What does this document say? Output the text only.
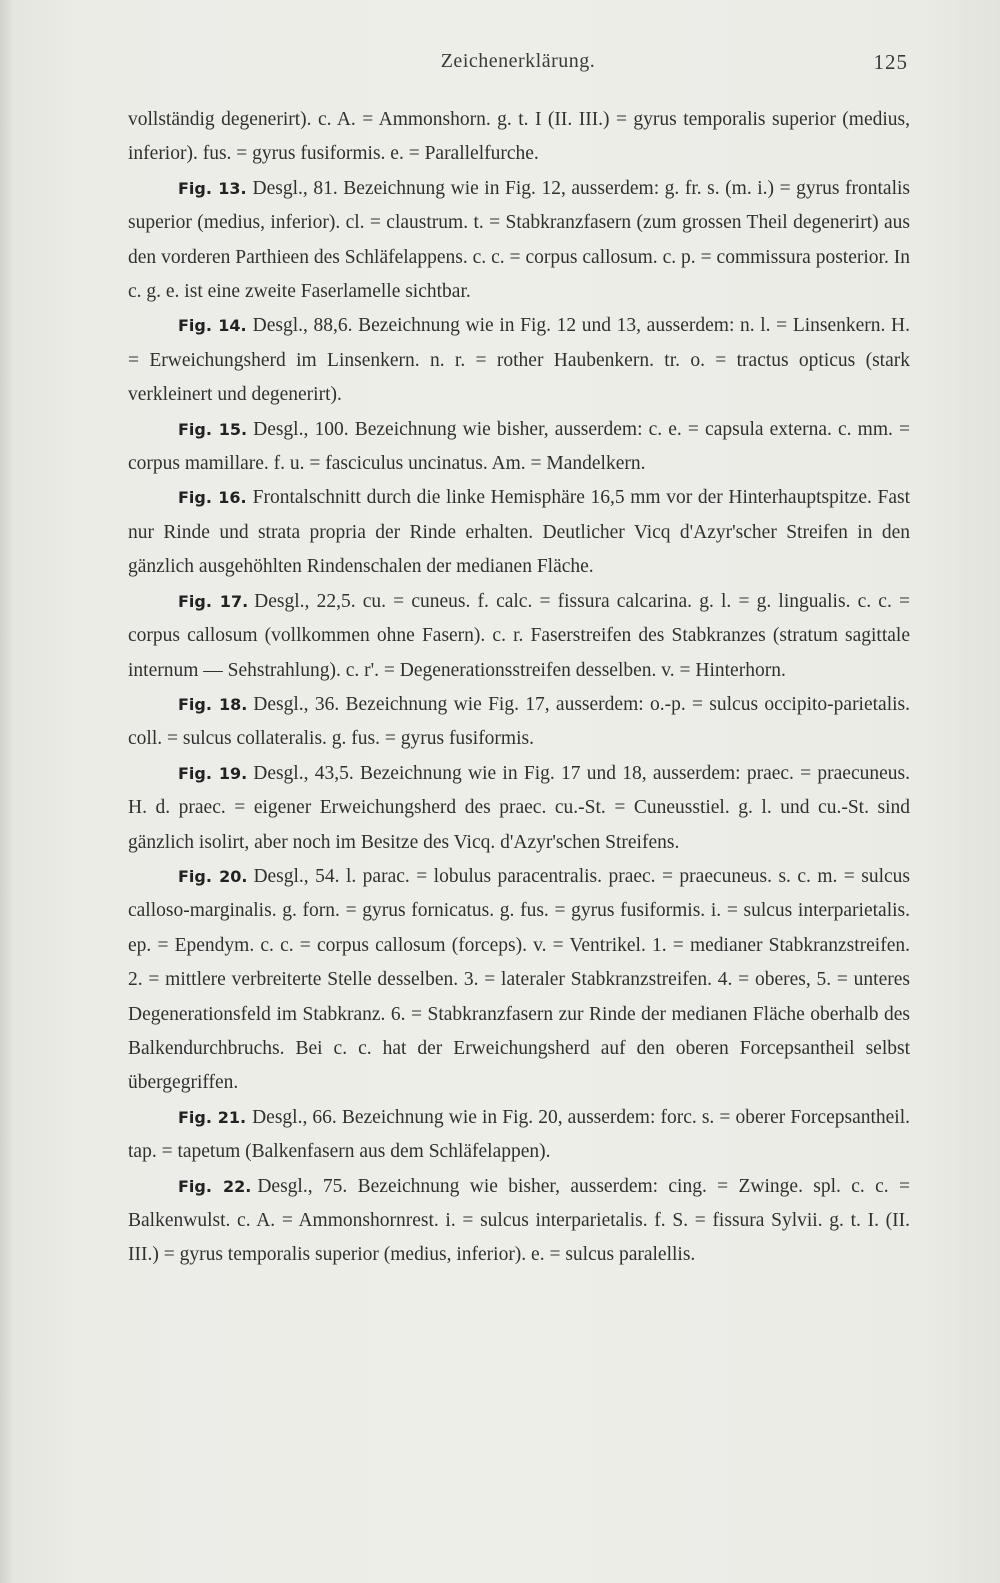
Zeichenerklärung.	125

vollständig degenerirt). c. A. = Ammonshorn. g. t. I (II. III.) = gyrus temporalis superior (medius, inferior). fus. = gyrus fusiformis. e. = Parallelfurche.

Fig. 13. Desgl., 81. Bezeichnung wie in Fig. 12, ausserdem: g. fr. s. (m. i.) = gyrus frontalis superior (medius, inferior). cl. = claustrum. t. = Stabkranzfasern (zum grossen Theil degenerirt) aus den vorderen Parthieen des Schläfelappens. c. c. = corpus callosum. c. p. = commissura posterior. In c. g. e. ist eine zweite Faserlamelle sichtbar.

Fig. 14. Desgl., 88,6. Bezeichnung wie in Fig. 12 und 13, ausserdem: n. l. = Linsenkern. H. = Erweichungsherd im Linsenkern. n. r. = rother Haubenkern. tr. o. = tractus opticus (stark verkleinert und degenerirt).

Fig. 15. Desgl., 100. Bezeichnung wie bisher, ausserdem: c. e. = capsula externa. c. mm. = corpus mamillare. f. u. = fasciculus uncinatus. Am. = Mandelkern.

Fig. 16. Frontalschnitt durch die linke Hemisphäre 16,5 mm vor der Hinterhauptspitze. Fast nur Rinde und strata propria der Rinde erhalten. Deutlicher Vicq d'Azyr'scher Streifen in den gänzlich ausgehöhlten Rindenschalen der medianen Fläche.

Fig. 17. Desgl., 22,5. cu. = cuneus. f. calc. = fissura calcarina. g. l. = g. lingualis. c. c. = corpus callosum (vollkommen ohne Fasern). c. r. Faserstreifen des Stabkranzes (stratum sagittale internum — Sehstrahlung). c. r'. = Degenerationsstreifen desselben. v. = Hinterhorn.

Fig. 18. Desgl., 36. Bezeichnung wie Fig. 17, ausserdem: o.-p. = sulcus occipito-parietalis. coll. = sulcus collateralis. g. fus. = gyrus fusiformis.

Fig. 19. Desgl., 43,5. Bezeichnung wie in Fig. 17 und 18, ausserdem: praec. = praecuneus. H. d. praec. = eigener Erweichungsherd des praec. cu.-St. = Cuneusstiel. g. l. und cu.-St. sind gänzlich isolirt, aber noch im Besitze des Vicq. d'Azyr'schen Streifens.

Fig. 20. Desgl., 54. l. parac. = lobulus paracentralis. praec. = praecuneus. s. c. m. = sulcus calloso-marginalis. g. forn. = gyrus fornicatus. g. fus. = gyrus fusiformis. i. = sulcus interparietalis. ep. = Ependym. c. c. = corpus callosum (forceps). v. = Ventrikel. 1. = medianer Stabkranzstreifen. 2. = mittlere verbreiterte Stelle desselben. 3. = lateraler Stabkranzstreifen. 4. = oberes, 5. = unteres Degenerationsfeld im Stabkranz. 6. = Stabkranzfasern zur Rinde der medianen Fläche oberhalb des Balkendurchbruchs. Bei c. c. hat der Erweichungsherd auf den oberen Forcepsantheil selbst übergegriffen.

Fig. 21. Desgl., 66. Bezeichnung wie in Fig. 20, ausserdem: forc. s. = oberer Forcepsantheil. tap. = tapetum (Balkenfasern aus dem Schläfelappen).

Fig. 22. Desgl., 75. Bezeichnung wie bisher, ausserdem: cing. = Zwinge. spl. c. c. = Balkenwulst. c. A. = Ammonshornrest. i. = sulcus interparietalis. f. S. = fissura Sylvii. g. t. I. (II. III.) = gyrus temporalis superior (medius, inferior). e. = sulcus paralellis.
